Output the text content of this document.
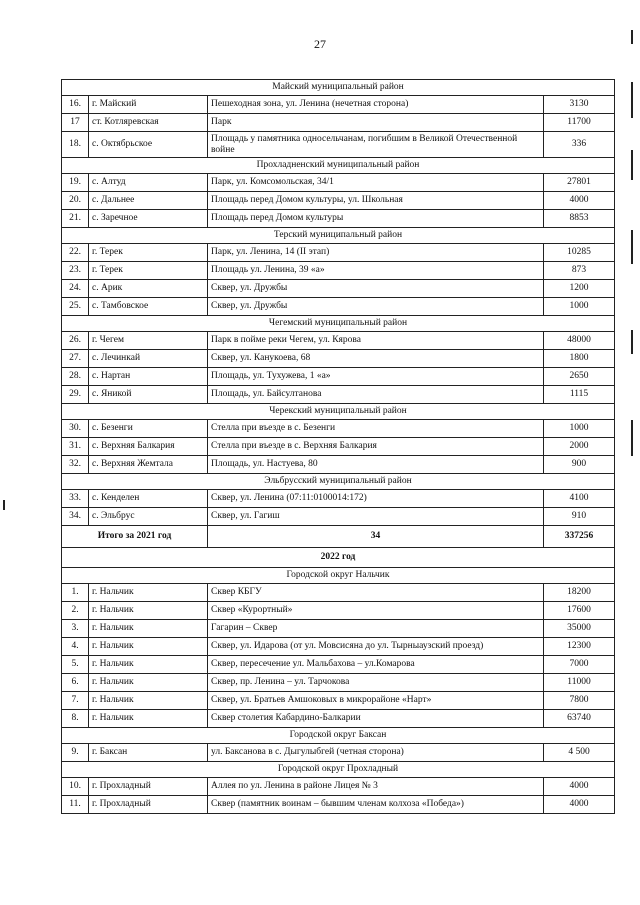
27
Майский муниципальный район			
16.	г. Майский	Пешеходная зона, ул. Ленина (нечетная сторона)	3130
17	ст. Котляревская	Парк	11700
18.	с. Октябрьское	Площадь у памятника односельчанам, погибшим в Великой Отечественной войне	336
Прохладненский муниципальный район			
19.	с. Алтуд	Парк, ул. Комсомольская, 34/1	27801
20.	с. Дальнее	Площадь перед Домом культуры, ул. Школьная	4000
21.	с. Заречное	Площадь перед Домом культуры	8853
Терский муниципальный район			
22.	г. Терек	Парк, ул. Ленина, 14 (II этап)	10285
23.	г. Терек	Площадь ул. Ленина, 39 «а»	873
24.	с. Арик	Сквер, ул. Дружбы	1200
25.	с. Тамбовское	Сквер, ул. Дружбы	1000
Чегемский муниципальный район			
26.	г. Чегем	Парк в пойме реки Чегем, ул. Кярова	48000
27.	с. Лечинкай	Сквер, ул. Канукоева, 68	1800
28.	с. Нартан	Площадь, ул. Тухужева, 1 «а»	2650
29.	с. Яникой	Площадь, ул. Байсултанова	1115
Черекский муниципальный район			
30.	с. Безенги	Стелла при въезде в с. Безенги	1000
31.	с. Верхняя Балкария	Стелла при въезде в с. Верхняя Балкария	2000
32.	с. Верхняя Жемтала	Площадь, ул. Настуева, 80	900
Эльбрусский муниципальный район			
33.	с. Кенделен	Сквер, ул. Ленина (07:11:0100014:172)	4100
34.	с. Эльбрус	Сквер, ул. Гагиш	910
Итого за 2021 год		34	337256
2022 год			
Городской округ Нальчик			
1.	г. Нальчик	Сквер КБГУ	18200
2.	г. Нальчик	Сквер «Курортный»	17600
3.	г. Нальчик	Гагарин – Сквер	35000
4.	г. Нальчик	Сквер, ул. Идарова (от ул. Мовсисяна до ул. Тырныаузский проезд)	12300
5.	г. Нальчик	Сквер, пересечение ул. Мальбахова – ул.Комарова	7000
6.	г. Нальчик	Сквер, пр. Ленина – ул. Тарчокова	11000
7.	г. Нальчик	Сквер, ул. Братьев Амшоковых в микрорайоне «Нарт»	7800
8.	г. Нальчик	Сквер столетия Кабардино-Балкарии	63740
Городской округ Баксан			
9.	г. Баксан	ул. Баксанова в с. Дыгулыбгей (четная сторона)	4 500
Городской округ Прохладный			
10.	г. Прохладный	Аллея по ул. Ленина в районе Лицея № 3	4000
11.	г. Прохладный	Сквер (памятник воинам – бывшим членам колхоза «Победа»)	4000
